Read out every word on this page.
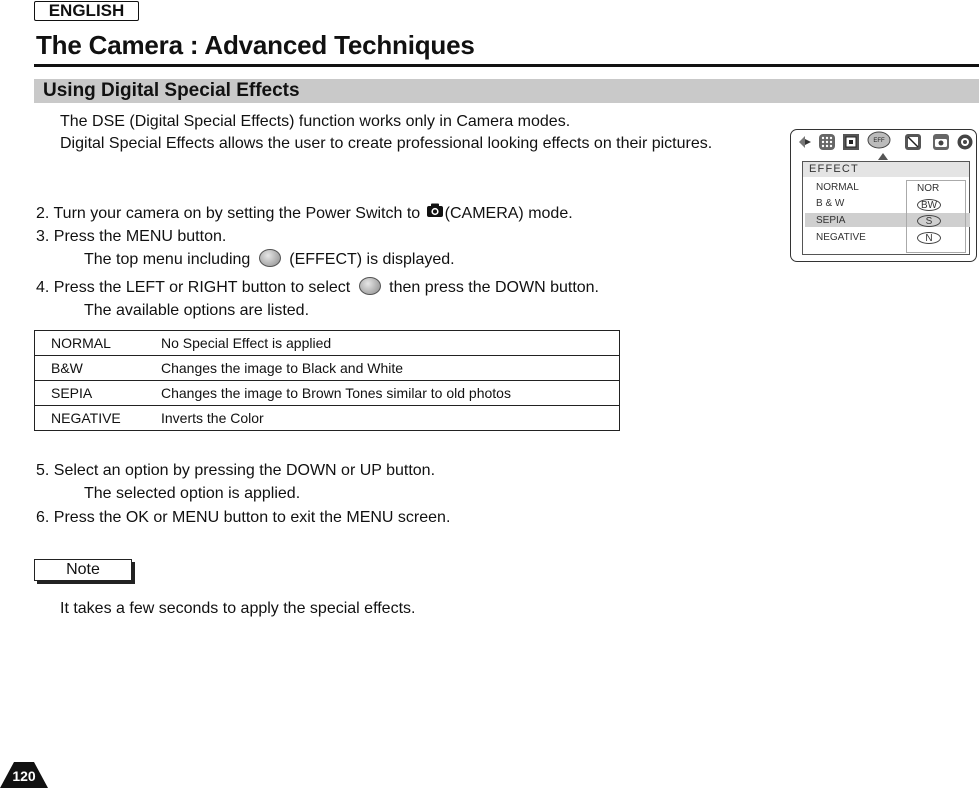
ENGLISH
The Camera : Advanced Techniques
Using Digital Special Effects
The DSE (Digital Special Effects) function works only in Camera modes.
Digital Special Effects allows the user to create professional looking effects on their pictures.
2. Turn your camera on by setting the Power Switch to (CAMERA) mode.
3. Press the MENU button.
The top menu including (EFFECT) is displayed.
4. Press the LEFT or RIGHT button to select then press the DOWN button.
The available options are listed.
NORMAL	No Special Effect is applied
B&W	Changes the image to Black and White
SEPIA	Changes the image to Brown Tones similar to old photos
NEGATIVE	Inverts the Color
5. Select an option by pressing the DOWN or UP button.
The selected option is applied.
6. Press the OK or MENU button to exit the MENU screen.
Note
It takes a few seconds to apply the special effects.
EFF
EFFECT
NORMAL
B & W
SEPIA
NEGATIVE
NOR
BW
S
N
120
